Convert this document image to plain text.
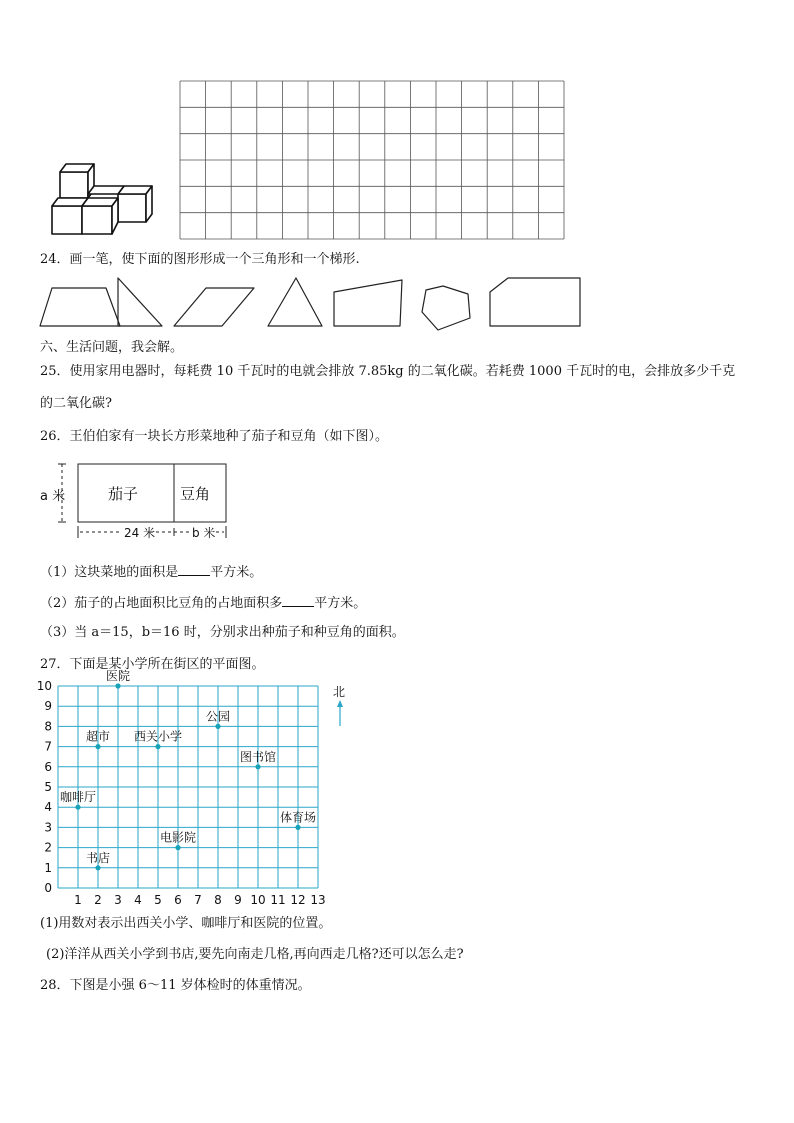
24．画一笔，使下面的图形形成一个三角形和一个梯形.
六、生活问题，我会解。
25．使用家用电器时，每耗费 10 千瓦时的电就会排放 7.85kg 的二氧化碳。若耗费 1000 千瓦时的电，会排放多少千克
的二氧化碳?
26．王伯伯家有一块长方形菜地种了茄子和豆角（如下图）。
a 米	茄子	豆角
24 米	b 米
（1）这块菜地的面积是 平方米。
（2）茄子的占地面积比豆角的占地面积多 平方米。
（3）当 a＝15，b＝16 时，分别求出种茄子和种豆角的面积。
27．下面是某小学所在街区的平面图。
1 2 3 4 5 6 7 8 9 10 11 12 13
0
1
2
3
4
5
6
7
8
9
10
医院
公园
超市 西关小学
图书馆
咖啡厅
体育场
电影院
书店
北
(1)用数对表示出西关小学、咖啡厅和医院的位置。
(2)洋洋从西关小学到书店,要先向南走几格,再向西走几格?还可以怎么走?
28．下图是小强 6～11 岁体检时的体重情况。
